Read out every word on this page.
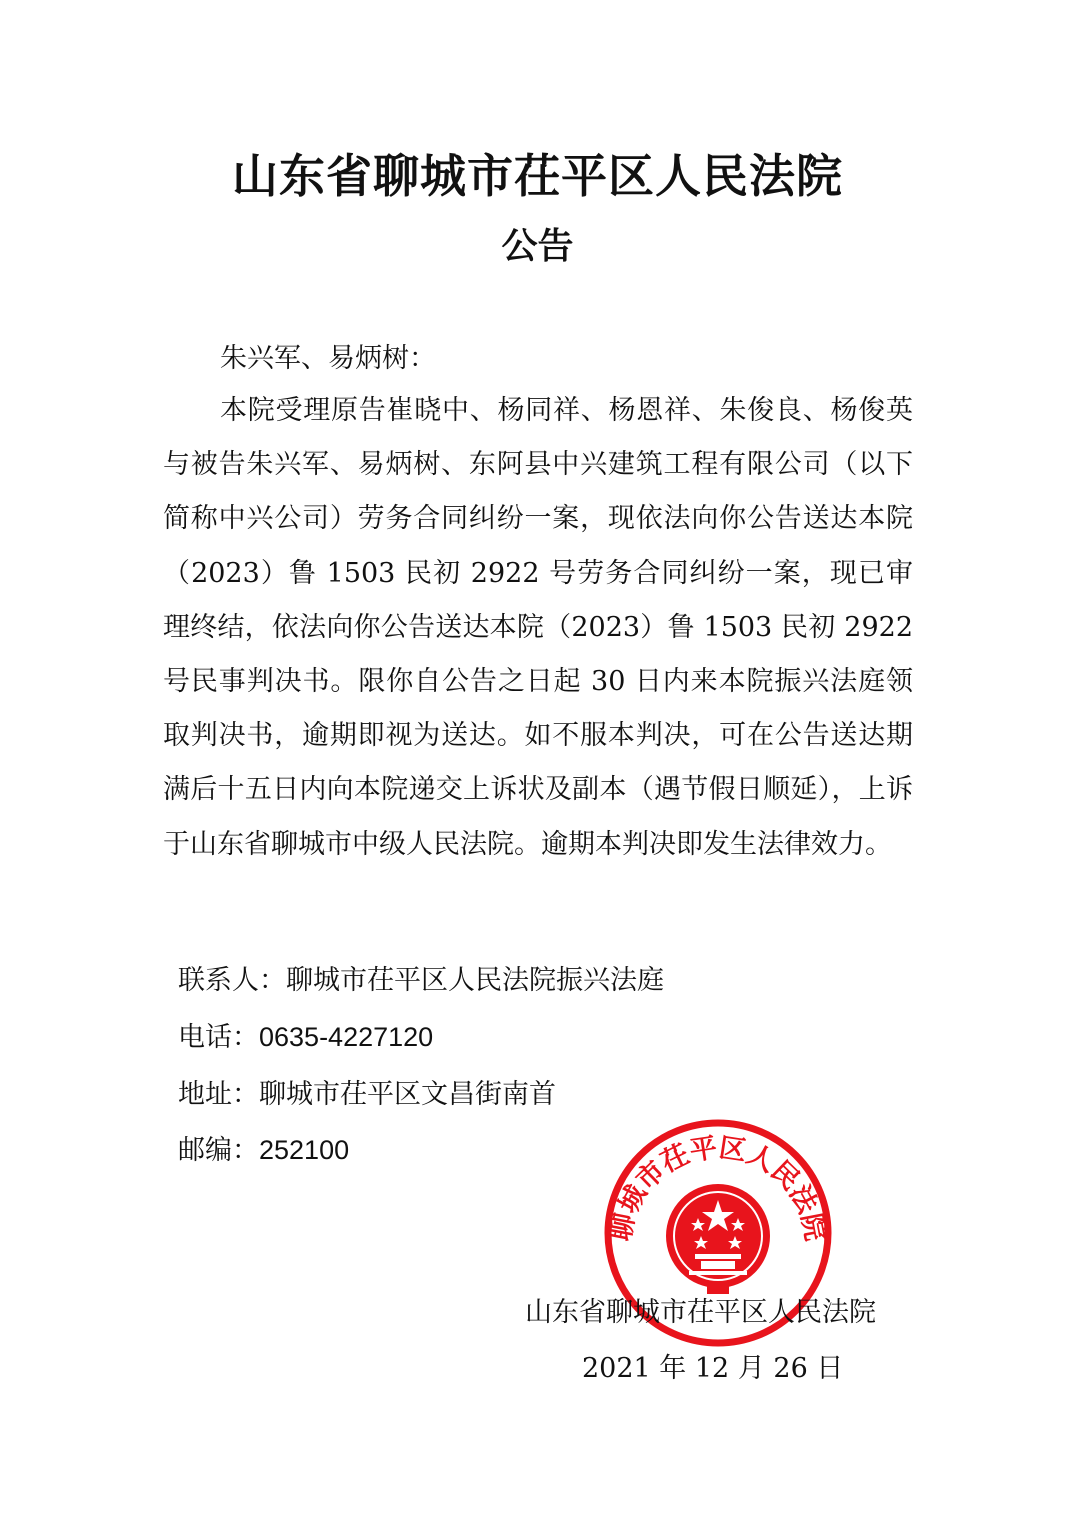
山东省聊城市茌平区人民法院
公告
朱兴军、易炳树：
本院受理原告崔晓中、杨同祥、杨恩祥、朱俊良、杨俊英与被告朱兴军、易炳树、东阿县中兴建筑工程有限公司（以下简称中兴公司）劳务合同纠纷一案，现依法向你公告送达本院（2023）鲁 1503 民初 2922 号劳务合同纠纷一案，现已审理终结，依法向你公告送达本院（2023）鲁 1503 民初 2922 号民事判决书。限你自公告之日起 30 日内来本院振兴法庭领取判决书，逾期即视为送达。如不服本判决，可在公告送达期满后十五日内向本院递交上诉状及副本（遇节假日顺延），上诉于山东省聊城市中级人民法院。逾期本判决即发生法律效力。
联系人：聊城市茌平区人民法院振兴法庭
电话：0635-4227120
地址：聊城市茌平区文昌街南首
邮编：252100
聊城市茌平区人民法院
山东省聊城市茌平区人民法院
2021 年 12 月 26 日
